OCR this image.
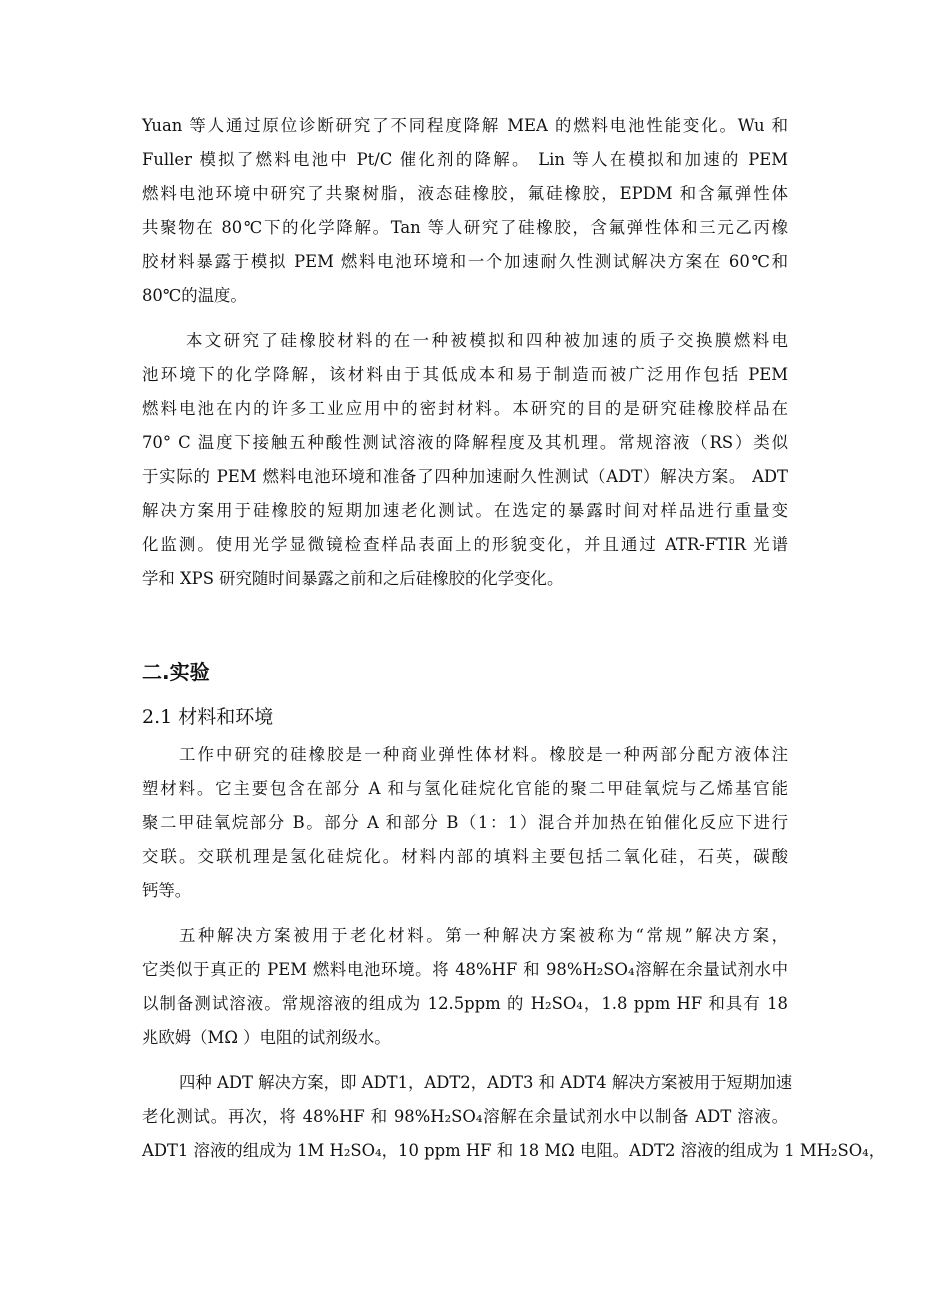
Yuan 等人通过原位诊断研究了不同程度降解 MEA 的燃料电池性能变化。Wu 和
Fuller 模拟了燃料电池中 Pt/C 催化剂的降解。 Lin 等人在模拟和加速的 PEM
燃料电池环境中研究了共聚树脂，液态硅橡胶，氟硅橡胶，EPDM 和含氟弹性体
共聚物在 80℃下的化学降解。Tan 等人研究了硅橡胶，含氟弹性体和三元乙丙橡
胶材料暴露于模拟 PEM 燃料电池环境和一个加速耐久性测试解决方案在 60℃和
80℃的温度。
本文研究了硅橡胶材料的在一种被模拟和四种被加速的质子交换膜燃料电
池环境下的化学降解，该材料由于其低成本和易于制造而被广泛用作包括 PEM
燃料电池在内的许多工业应用中的密封材料。本研究的目的是研究硅橡胶样品在
70° C 温度下接触五种酸性测试溶液的降解程度及其机理。常规溶液（RS）类似
于实际的 PEM 燃料电池环境和准备了四种加速耐久性测试（ADT）解决方案。 ADT
解决方案用于硅橡胶的短期加速老化测试。在选定的暴露时间对样品进行重量变
化监测。使用光学显微镜检查样品表面上的形貌变化，并且通过 ATR-FTIR 光谱
学和 XPS 研究随时间暴露之前和之后硅橡胶的化学变化。
二.实验
2.1 材料和环境
工作中研究的硅橡胶是一种商业弹性体材料。橡胶是一种两部分配方液体注
塑材料。它主要包含在部分 A 和与氢化硅烷化官能的聚二甲硅氧烷与乙烯基官能
聚二甲硅氧烷部分 B。部分 A 和部分 B（1：1）混合并加热在铂催化反应下进行
交联。交联机理是氢化硅烷化。材料内部的填料主要包括二氧化硅，石英，碳酸
钙等。
五种解决方案被用于老化材料。第一种解决方案被称为“常规”解决方案，
它类似于真正的 PEM 燃料电池环境。将 48%HF 和 98%H₂SO₄溶解在余量试剂水中
以制备测试溶液。常规溶液的组成为 12.5ppm 的 H₂SO₄，1.8 ppm HF 和具有 18
兆欧姆（MΩ ）电阻的试剂级水。
四种 ADT 解决方案，即 ADT1，ADT2，ADT3 和 ADT4 解决方案被用于短期加速
老化测试。再次，将 48%HF 和 98%H₂SO₄溶解在余量试剂水中以制备 ADT 溶液。
ADT1 溶液的组成为 1M H₂SO₄，10 ppm HF 和 18 MΩ 电阻。ADT2 溶液的组成为 1 MH₂SO₄，
